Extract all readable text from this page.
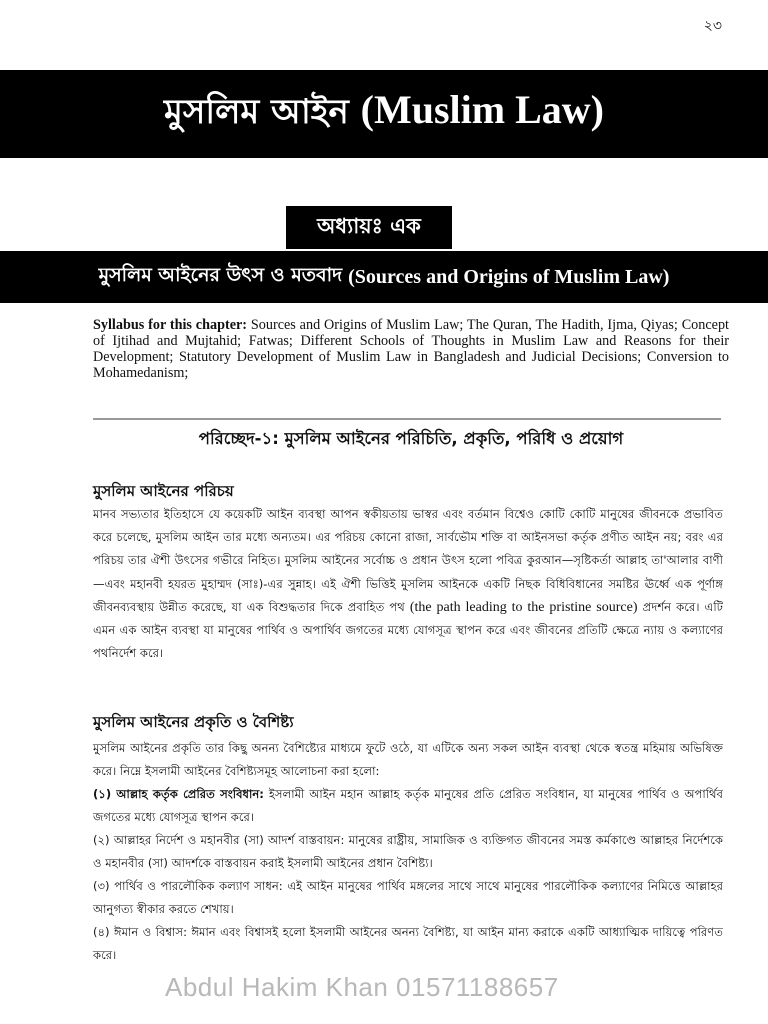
২৩
মুসলিম আইন (Muslim Law)
অধ্যায়ঃ এক
মুসলিম আইনের উৎস ও মতবাদ (Sources and Origins of Muslim Law)
Syllabus for this chapter: Sources and Origins of Muslim Law; The Quran, The Hadith, Ijma, Qiyas; Concept of Ijtihad and Mujtahid; Fatwas; Different Schools of Thoughts in Muslim Law and Reasons for their Development; Statutory Development of Muslim Law in Bangladesh and Judicial Decisions; Conversion to Mohamedanism;
পরিচ্ছেদ-১: মুসলিম আইনের পরিচিতি, প্রকৃতি, পরিধি ও প্রয়োগ
মুসলিম আইনের পরিচয়
মানব সভ্যতার ইতিহাসে যে কয়েকটি আইন ব্যবস্থা আপন স্বকীয়তায় ভাস্বর এবং বর্তমান বিশ্বেও কোটি কোটি মানুষের জীবনকে প্রভাবিত করে চলেছে, মুসলিম আইন তার মধ্যে অন্যতম। এর পরিচয় কোনো রাজা, সার্বভৌম শক্তি বা আইনসভা কর্তৃক প্রণীত আইন নয়; বরং এর পরিচয় তার ঐশী উৎসের গভীরে নিহিত। মুসলিম আইনের সর্বোচ্চ ও প্রধান উৎস হলো পবিত্র কুরআন—সৃষ্টিকর্তা আল্লাহ তা'আলার বাণী—এবং মহানবী হযরত মুহাম্মদ (সাঃ)-এর সুন্নাহ। এই ঐশী ভিত্তিই মুসলিম আইনকে একটি নিছক বিধিবিধানের সমষ্টির ঊর্ধ্বে এক পূর্ণাঙ্গ জীবনব্যবস্থায় উন্নীত করেছে, যা এক বিশুদ্ধতার দিকে প্রবাহিত পথ (the path leading to the pristine source) প্রদর্শন করে। এটি এমন এক আইন ব্যবস্থা যা মানুষের পার্থিব ও অপার্থিব জগতের মধ্যে যোগসূত্র স্থাপন করে এবং জীবনের প্রতিটি ক্ষেত্রে ন্যায় ও কল্যাণের পথনির্দেশ করে।
মুসলিম আইনের প্রকৃতি ও বৈশিষ্ট্য
মুসলিম আইনের প্রকৃতি তার কিছু অনন্য বৈশিষ্ট্যের মাধ্যমে ফুটে ওঠে, যা এটিকে অন্য সকল আইন ব্যবস্থা থেকে স্বতন্ত্র মহিমায় অভিষিক্ত করে। নিম্নে ইসলামী আইনের বৈশিষ্ট্যসমূহ আলোচনা করা হলো:
(১) আল্লাহ কর্তৃক প্রেরিত সংবিধান: ইসলামী আইন মহান আল্লাহ কর্তৃক মানুষের প্রতি প্রেরিত সংবিধান, যা মানুষের পার্থিব ও অপার্থিব জগতের মধ্যে যোগসূত্র স্থাপন করে।
(২) আল্লাহর নির্দেশ ও মহানবীর (সা) আদর্শ বাস্তবায়ন: মানুষের রাষ্ট্রীয়, সামাজিক ও ব্যক্তিগত জীবনের সমস্ত কর্মকাণ্ডে আল্লাহর নির্দেশকে ও মহানবীর (সা) আদর্শকে বাস্তবায়ন করাই ইসলামী আইনের প্রধান বৈশিষ্ট্য।
(৩) পার্থিব ও পারলৌকিক কল্যাণ সাধন: এই আইন মানুষের পার্থিব মঙ্গলের সাথে সাথে মানুষের পারলৌকিক কল্যাণের নিমিত্তে আল্লাহর আনুগত্য স্বীকার করতে শেখায়।
(৪) ঈমান ও বিশ্বাস: ঈমান এবং বিশ্বাসই হলো ইসলামী আইনের অনন্য বৈশিষ্ট্য, যা আইন মান্য করাকে একটি আধ্যাত্মিক দায়িত্বে পরিণত করে।
Abdul Hakim Khan 01571188657
